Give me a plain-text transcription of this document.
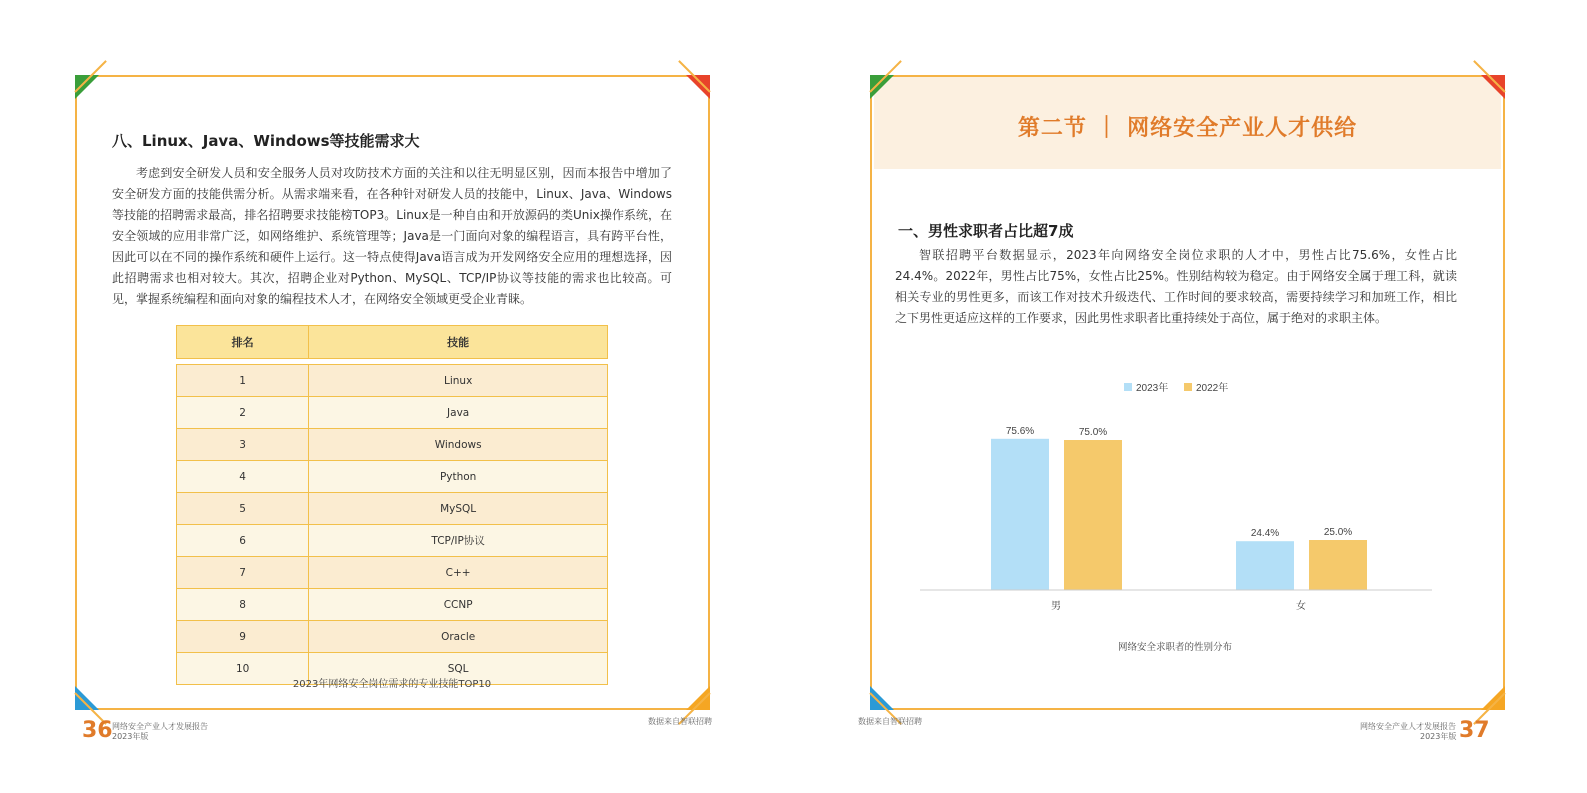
八、Linux、Java、Windows等技能需求大

考虑到安全研发人员和安全服务人员对攻防技术方面的关注和以往无明显区别，因而本报告中增加了安全研发方面的技能供需分析。从需求端来看，在各种针对研发人员的技能中，Linux、Java、Windows等技能的招聘需求最高，排名招聘要求技能榜TOP3。Linux是一种自由和开放源码的类Unix操作系统，在安全领域的应用非常广泛，如网络维护、系统管理等；Java是一门面向对象的编程语言，具有跨平台性，因此可以在不同的操作系统和硬件上运行。这一特点使得Java语言成为开发网络安全应用的理想选择，因此招聘需求也相对较大。其次，招聘企业对Python、MySQL、TCP/IP协议等技能的需求也比较高。可见，掌握系统编程和面向对象的编程技术人才，在网络安全领域更受企业青睐。

排名	技能

1	Linux
2	Java
3	Windows
4	Python
5	MySQL
6	TCP/IP协议
7	C++
8	CCNP
9	Oracle
10	SQL
2023年网络安全岗位需求的专业技能TOP10
36 网络安全产业人才发展报告
2023年版
数据来自智联招聘
第二节 ｜ 网络安全产业人才供给
一、男性求职者占比超7成

智联招聘平台数据显示，2023年向网络安全岗位求职的人才中，男性占比75.6%，女性占比24.4%。2022年，男性占比75%，女性占比25%。性别结构较为稳定。由于网络安全属于理工科，就读相关专业的男性更多，而该工作对技术升级迭代、工作时间的要求较高，需要持续学习和加班工作，相比之下男性更适应这样的工作要求，因此男性求职者比重持续处于高位，属于绝对的求职主体。

2023年	2022年
75.6%
24.4%
75.0%
25.0%
男	女
网络安全求职者的性别分布
数据来自智联招聘
网络安全产业人才发展报告
2023年版 37
